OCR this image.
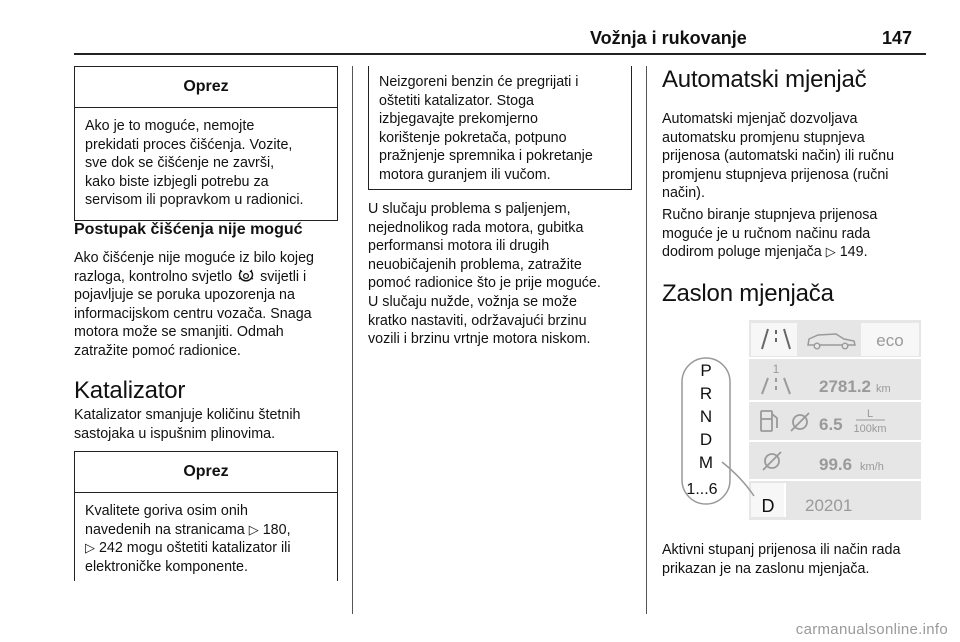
Vožnja i rukovanje	147
Oprez

Ako je to moguće, nemojte

prekidati proces čišćenja. Vozite,

sve dok se čišćenje ne završi,

kako biste izbjegli potrebu za

servisom ili popravkom u radionici.

Postupak čišćenja nije moguć

Ako čišćenje nije moguće iz bilo kojeg

razloga, kontrolno svjetlo svijetli i

pojavljuje se poruka upozorenja na

informacijskom centru vozača. Snaga

motora može se smanjiti. Odmah

zatražite pomoć radionice.

Katalizator

Katalizator smanjuje količinu štetnih

sastojaka u ispušnim plinovima.

Oprez

Kvalitete goriva osim onih

navedenih na stranicama ▷ 180,

▷ 242 mogu oštetiti katalizator ili

elektroničke komponente.

Neizgoreni benzin će pregrijati i

oštetiti katalizator. Stoga

izbjegavajte prekomjerno

korištenje pokretača, potpuno

pražnjenje spremnika i pokretanje

motora guranjem ili vučom.

U slučaju problema s paljenjem,

nejednolikog rada motora, gubitka

performansi motora ili drugih

neuobičajenih problema, zatražite

pomoć radionice što je prije moguće.

U slučaju nužde, vožnja se može

kratko nastaviti, održavajući brzinu

vozili i brzinu vrtnje motora niskom.

Automatski mjenjač

Automatski mjenjač dozvoljava

automatsku promjenu stupnjeva

prijenosa (automatski način) ili ručnu

promjenu stupnjeva prijenosa (ručni

način).

Ručno biranje stupnjeva prijenosa

moguće je u ručnom načinu rada

dodirom poluge mjenjača ▷ 149.

Zaslon mjenjača
eco
1
2781.2 km
6.5
L
100km
99.6 km/h
D 20201
P
R
N
D
M
1...6

Aktivni stupanj prijenosa ili način rada

prikazan je na zaslonu mjenjača.

carmanualsonline.info
